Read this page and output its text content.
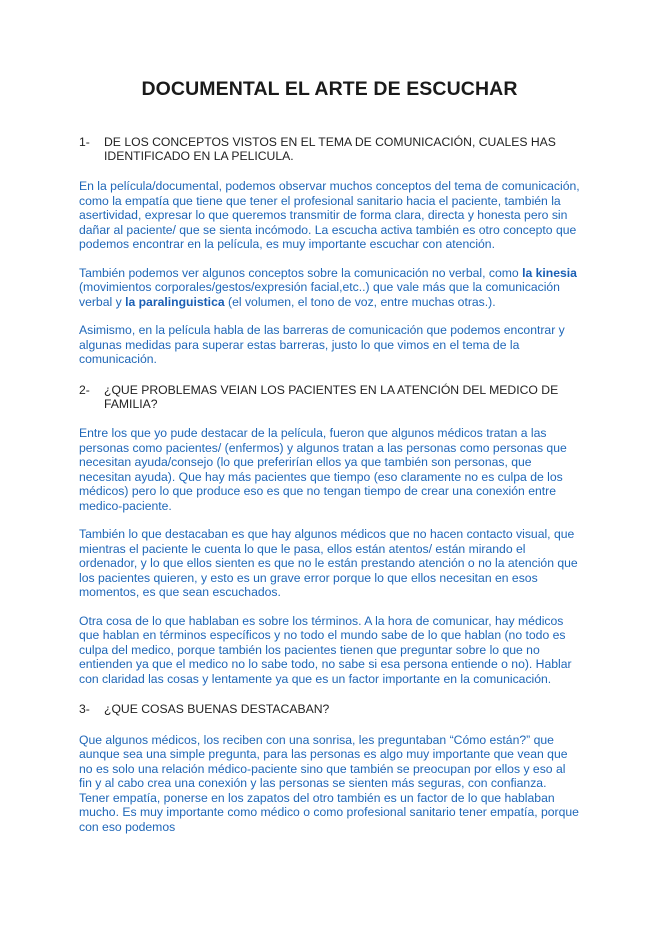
DOCUMENTAL EL ARTE DE ESCUCHAR

1-	DE LOS CONCEPTOS VISTOS EN EL TEMA DE COMUNICACIÓN, CUALES HAS IDENTIFICADO EN LA PELICULA.

En la película/documental, podemos observar muchos conceptos del tema de comunicación, como la empatía que tiene que tener el profesional sanitario hacia el paciente, también la asertividad, expresar lo que queremos transmitir de forma clara, directa y honesta pero sin dañar al paciente/ que se sienta incómodo. La escucha activa también es otro concepto que podemos encontrar en la película, es muy importante escuchar con atención.

También podemos ver algunos conceptos sobre la comunicación no verbal, como la kinesia (movimientos corporales/gestos/expresión facial,etc..) que vale más que la comunicación verbal y la paralinguistica (el volumen, el tono de voz, entre muchas otras.).

Asimismo, en la película habla de las barreras de comunicación que podemos encontrar y algunas medidas para superar estas barreras, justo lo que vimos en el tema de la comunicación.

2-	¿QUE PROBLEMAS VEIAN LOS PACIENTES EN LA ATENCIÓN DEL MEDICO DE FAMILIA?

Entre los que yo pude destacar de la película, fueron que algunos médicos tratan a las personas como pacientes/ (enfermos) y algunos tratan a las personas como personas que necesitan ayuda/consejo (lo que preferirían ellos ya que también son personas, que necesitan ayuda). Que hay más pacientes que tiempo (eso claramente no es culpa de los médicos) pero lo que produce eso es que no tengan tiempo de crear una conexión entre medico-paciente.

También lo que destacaban es que hay algunos médicos que no hacen contacto visual, que mientras el paciente le cuenta lo que le pasa, ellos están atentos/ están mirando el ordenador, y lo que ellos sienten es que no le están prestando atención o no la atención que los pacientes quieren, y esto es un grave error porque lo que ellos necesitan en esos momentos, es que sean escuchados.

Otra cosa de lo que hablaban es sobre los términos. A la hora de comunicar, hay médicos que hablan en términos específicos y no todo el mundo sabe de lo que hablan (no todo es culpa del medico, porque también los pacientes tienen que preguntar sobre lo que no entienden ya que el medico no lo sabe todo, no sabe si esa persona entiende o no). Hablar con claridad las cosas y lentamente ya que es un factor importante en la comunicación.

3-	¿QUE COSAS BUENAS DESTACABAN?

Que algunos médicos, los reciben con una sonrisa, les preguntaban “Cómo están?” que aunque sea una simple pregunta, para las personas es algo muy importante que vean que no es solo una relación médico-paciente sino que también se preocupan por ellos y eso al fin y al cabo crea una conexión y las personas se sienten más seguras, con confianza. Tener empatía, ponerse en los zapatos del otro también es un factor de lo que hablaban mucho. Es muy importante como médico o como profesional sanitario tener empatía, porque con eso podemos
